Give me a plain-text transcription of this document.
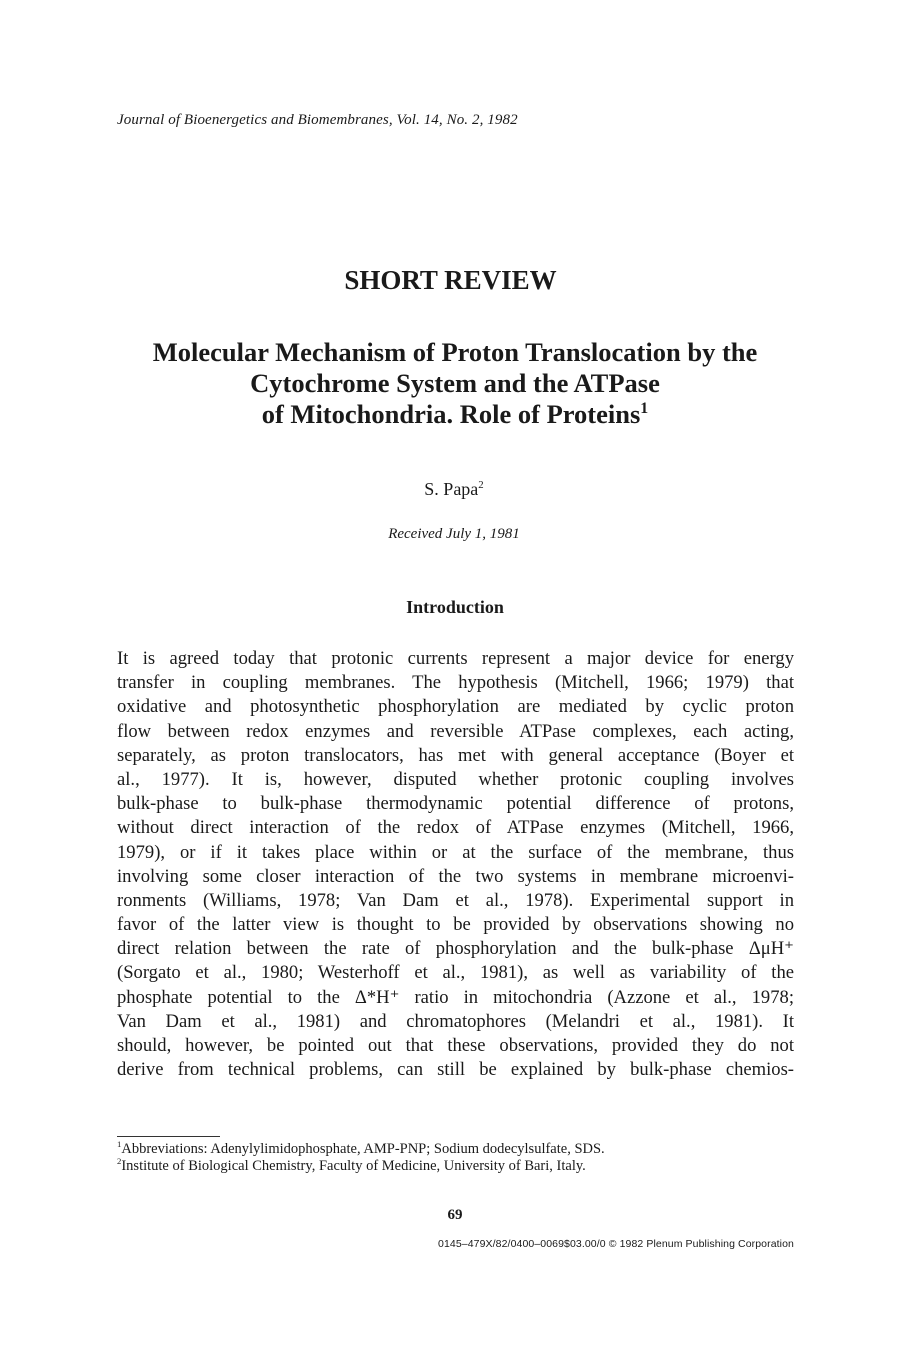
Journal of Bioenergetics and Biomembranes, Vol. 14, No. 2, 1982
SHORT REVIEW
Molecular Mechanism of Proton Translocation by the
Cytochrome System and the ATPase
of Mitochondria. Role of Proteins$^1$
S. Papa$^2$
Received July 1, 1981
Introduction
It is agreed today that protonic currents represent a major device for energy
transfer in coupling membranes. The hypothesis (Mitchell, 1966; 1979) that
oxidative and photosynthetic phosphorylation are mediated by cyclic proton
flow between redox enzymes and reversible ATPase complexes, each acting,
separately, as proton translocators, has met with general acceptance (Boyer et
al., 1977). It is, however, disputed whether protonic coupling involves
bulk-phase to bulk-phase thermodynamic potential difference of protons,
without direct interaction of the redox of ATPase enzymes (Mitchell, 1966,
1979), or if it takes place within or at the surface of the membrane, thus
involving some closer interaction of the two systems in membrane microenvi-
ronments (Williams, 1978; Van Dam et al., 1978). Experimental support in
favor of the latter view is thought to be provided by observations showing no
direct relation between the rate of phosphorylation and the bulk-phase ΔμH⁺
(Sorgato et al., 1980; Westerhoff et al., 1981), as well as variability of the
phosphate potential to the Δ*H⁺ ratio in mitochondria (Azzone et al., 1978;
Van Dam et al., 1981) and chromatophores (Melandri et al., 1981). It
should, however, be pointed out that these observations, provided they do not
derive from technical problems, can still be explained by bulk-phase chemios-
$^1$Abbreviations: Adenylylimidophosphate, AMP-PNP; Sodium dodecylsulfate, SDS.
$^2$Institute of Biological Chemistry, Faculty of Medicine, University of Bari, Italy.
69
0145–479X/82/0400–0069$03.00/0 © 1982 Plenum Publishing Corporation
